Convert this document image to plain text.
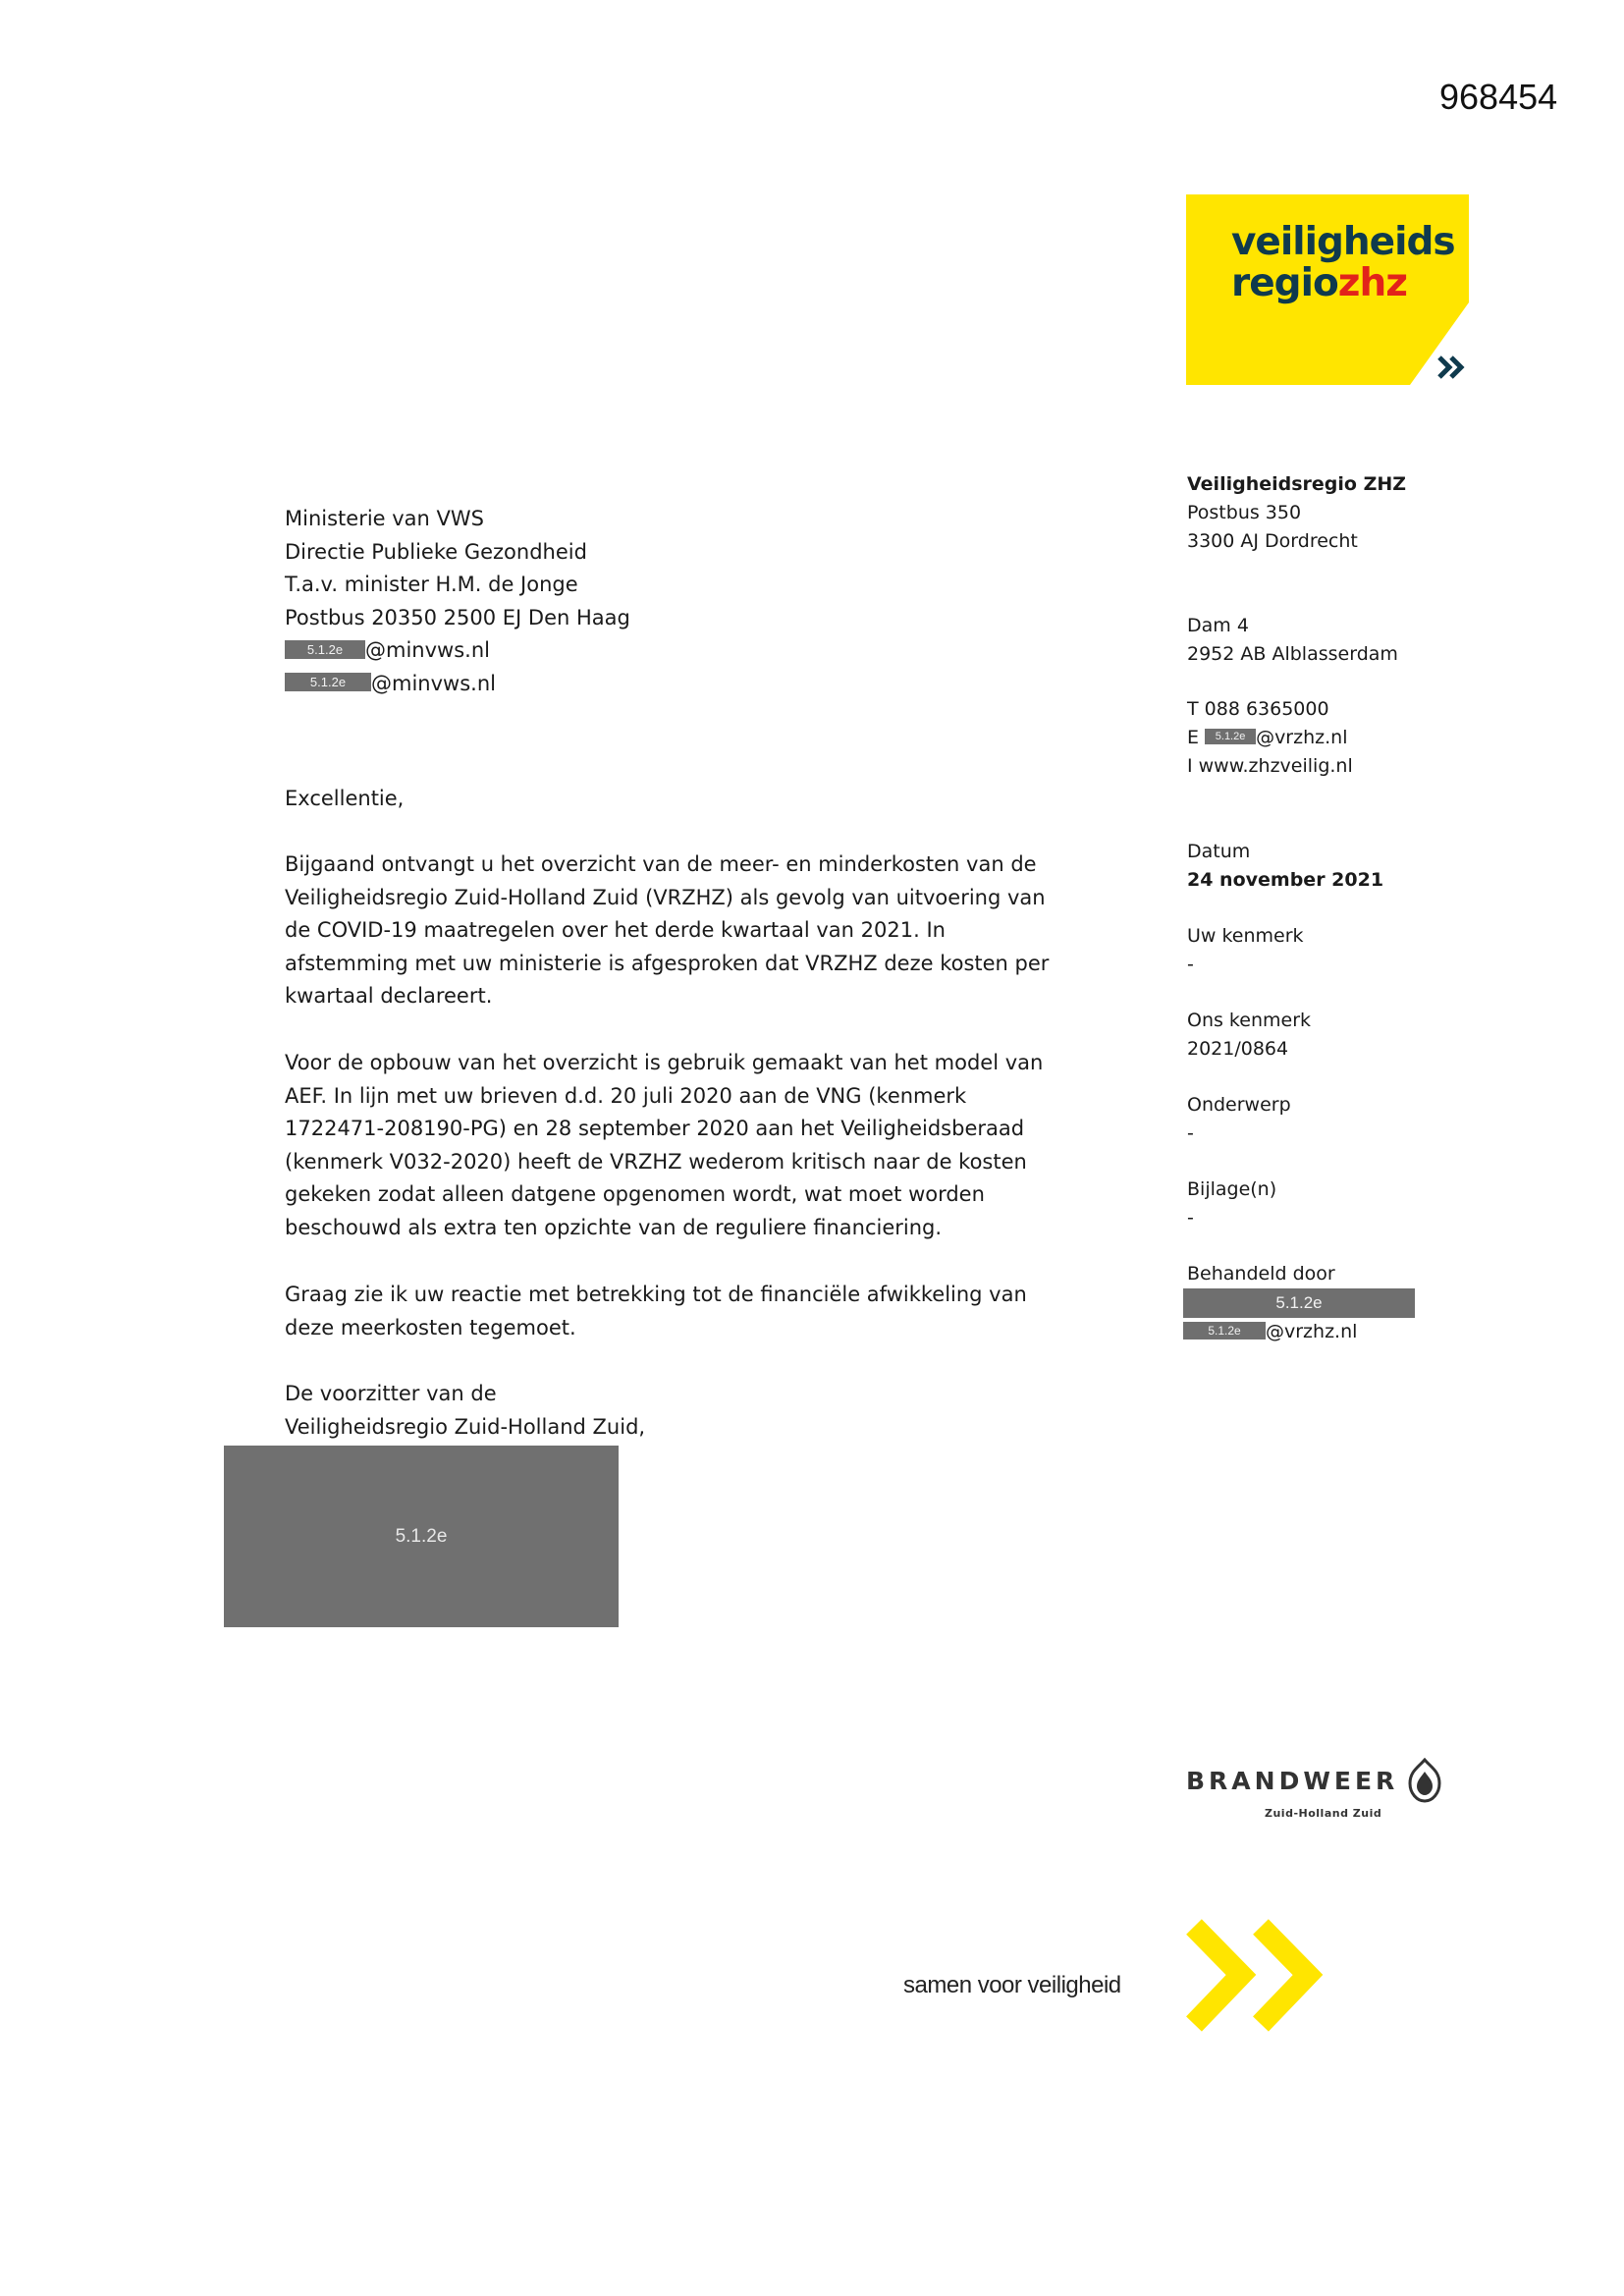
968454
veiligheids
regiozhz
Ministerie van VWS
Directie Publieke Gezondheid
T.a.v. minister H.M. de Jonge
Postbus 20350 2500 EJ Den Haag
5.1.2e @minvws.nl
5.1.2e @minvws.nl
Excellentie,
Bijgaand ontvangt u het overzicht van de meer- en minderkosten van de
Veiligheidsregio Zuid-Holland Zuid (VRZHZ) als gevolg van uitvoering van
de COVID-19 maatregelen over het derde kwartaal van 2021. In
afstemming met uw ministerie is afgesproken dat VRZHZ deze kosten per
kwartaal declareert.
Voor de opbouw van het overzicht is gebruik gemaakt van het model van
AEF. In lijn met uw brieven d.d. 20 juli 2020 aan de VNG (kenmerk
1722471-208190-PG) en 28 september 2020 aan het Veiligheidsberaad
(kenmerk V032-2020) heeft de VRZHZ wederom kritisch naar de kosten
gekeken zodat alleen datgene opgenomen wordt, wat moet worden
beschouwd als extra ten opzichte van de reguliere financiering.
Graag zie ik uw reactie met betrekking tot de financiële afwikkeling van
deze meerkosten tegemoet.
De voorzitter van de
Veiligheidsregio Zuid-Holland Zuid,
5.1.2e
Veiligheidsregio ZHZ
Postbus 350
3300 AJ Dordrecht
Dam 4
2952 AB Alblasserdam
T 088 6365000
E 5.1.2e @vrzhz.nl
I www.zhzveilig.nl
Datum
24 november 2021
Uw kenmerk
-
Ons kenmerk
2021/0864
Onderwerp
-
Bijlage(n)
-
Behandeld door
5.1.2e
5.1.2e @vrzhz.nl
BRANDWEER
Zuid-Holland Zuid
samen voor veiligheid
